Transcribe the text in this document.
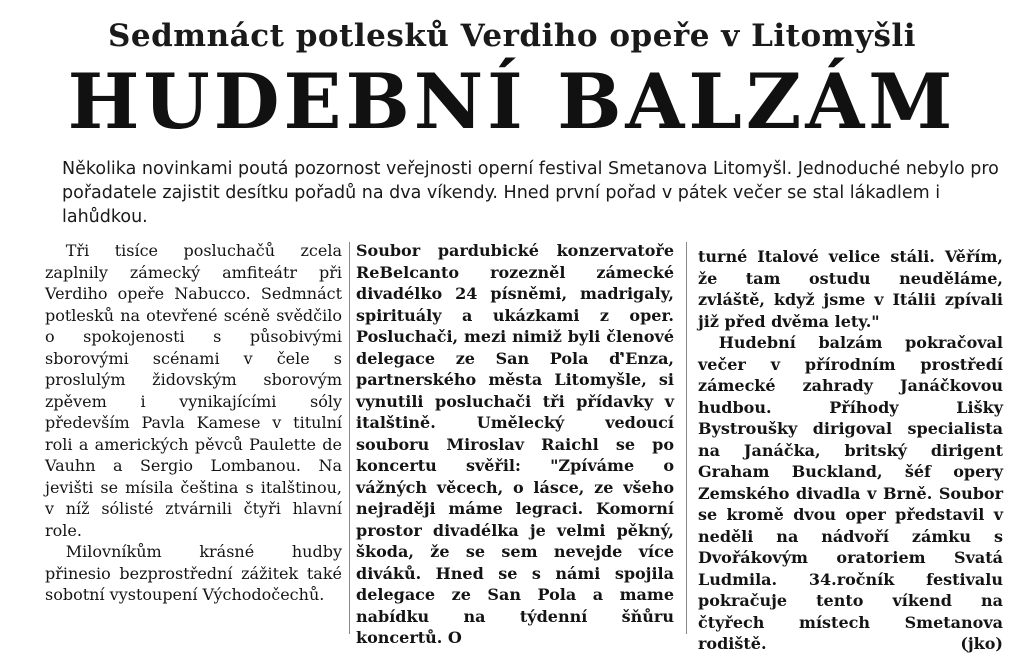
Sedmnáct potlesků Verdiho opeře v Litomyšli
HUDEBNÍ BALZÁM
Několika novinkami poutá pozornost veřejnosti operní festival Smetanova Litomyšl. Jednoduché nebylo pro pořadatele zajistit desítku pořadů na dva víkendy. Hned první pořad v pátek večer se stal lákadlem i lahůdkou.

Tři tisíce posluchačů zcela zaplnily zámecký amfiteátr při Verdiho opeře Nabucco. Sedmnáct potlesků na otevřené scéně svědčilo o spokojenosti s působivými sborovými scénami v čele s proslulým židovským sborovým zpěvem i vynikajícími sóly především Pavla Kamese v titulní roli a amerických pěvců Paulette de Vauhn a Sergio Lombanou. Na jevišti se mísila čeština s italštinou, v níž sólisté ztvárnili čtyři hlavní role.

Milovníkům krásné hudby přinesio bezprostřední zážitek také sobotní vystoupení Východočechů.

Soubor pardubické konzervatoře ReBelcanto rozezněl zámecké divadélko 24 písněmi, madrigaly, spirituály a ukázkami z oper. Posluchači, mezi nimiž byli členové delegace ze San Pola ď'Enza, partnerského města Litomyšle, si vynutili posluchači tři přídavky v italštině. Umělecký vedoucí souboru Miroslav Raichl se po koncertu svěřil: "Zpíváme o vážných věcech, o lásce, ze všeho nejraději máme legraci. Komorní prostor divadélka je velmi pěkný, škoda, že se sem nevejde více diváků. Hned se s námi spojila delegace ze San Pola a mame nabídku na týdenní šňůru koncertů. O

turné Italové velice stáli. Věřím, že tam ostudu neuděláme, zvláště, když jsme v Itálii zpívali již před dvěma lety."

Hudební balzám pokračoval večer v přírodním prostředí zámecké zahrady Janáčkovou hudbou. Příhody Lišky Bystroušky dirigoval specialista na Janáčka, britský dirigent Graham Buckland, šéf opery Zemského divadla v Brně. Soubor se kromě dvou oper představil v neděli na nádvoří zámku s Dvořákovým oratoriem Svatá Ludmila. 34.ročník festivalu pokračuje tento víkend na čtyřech místech Smetanova rodiště.	(jko)
